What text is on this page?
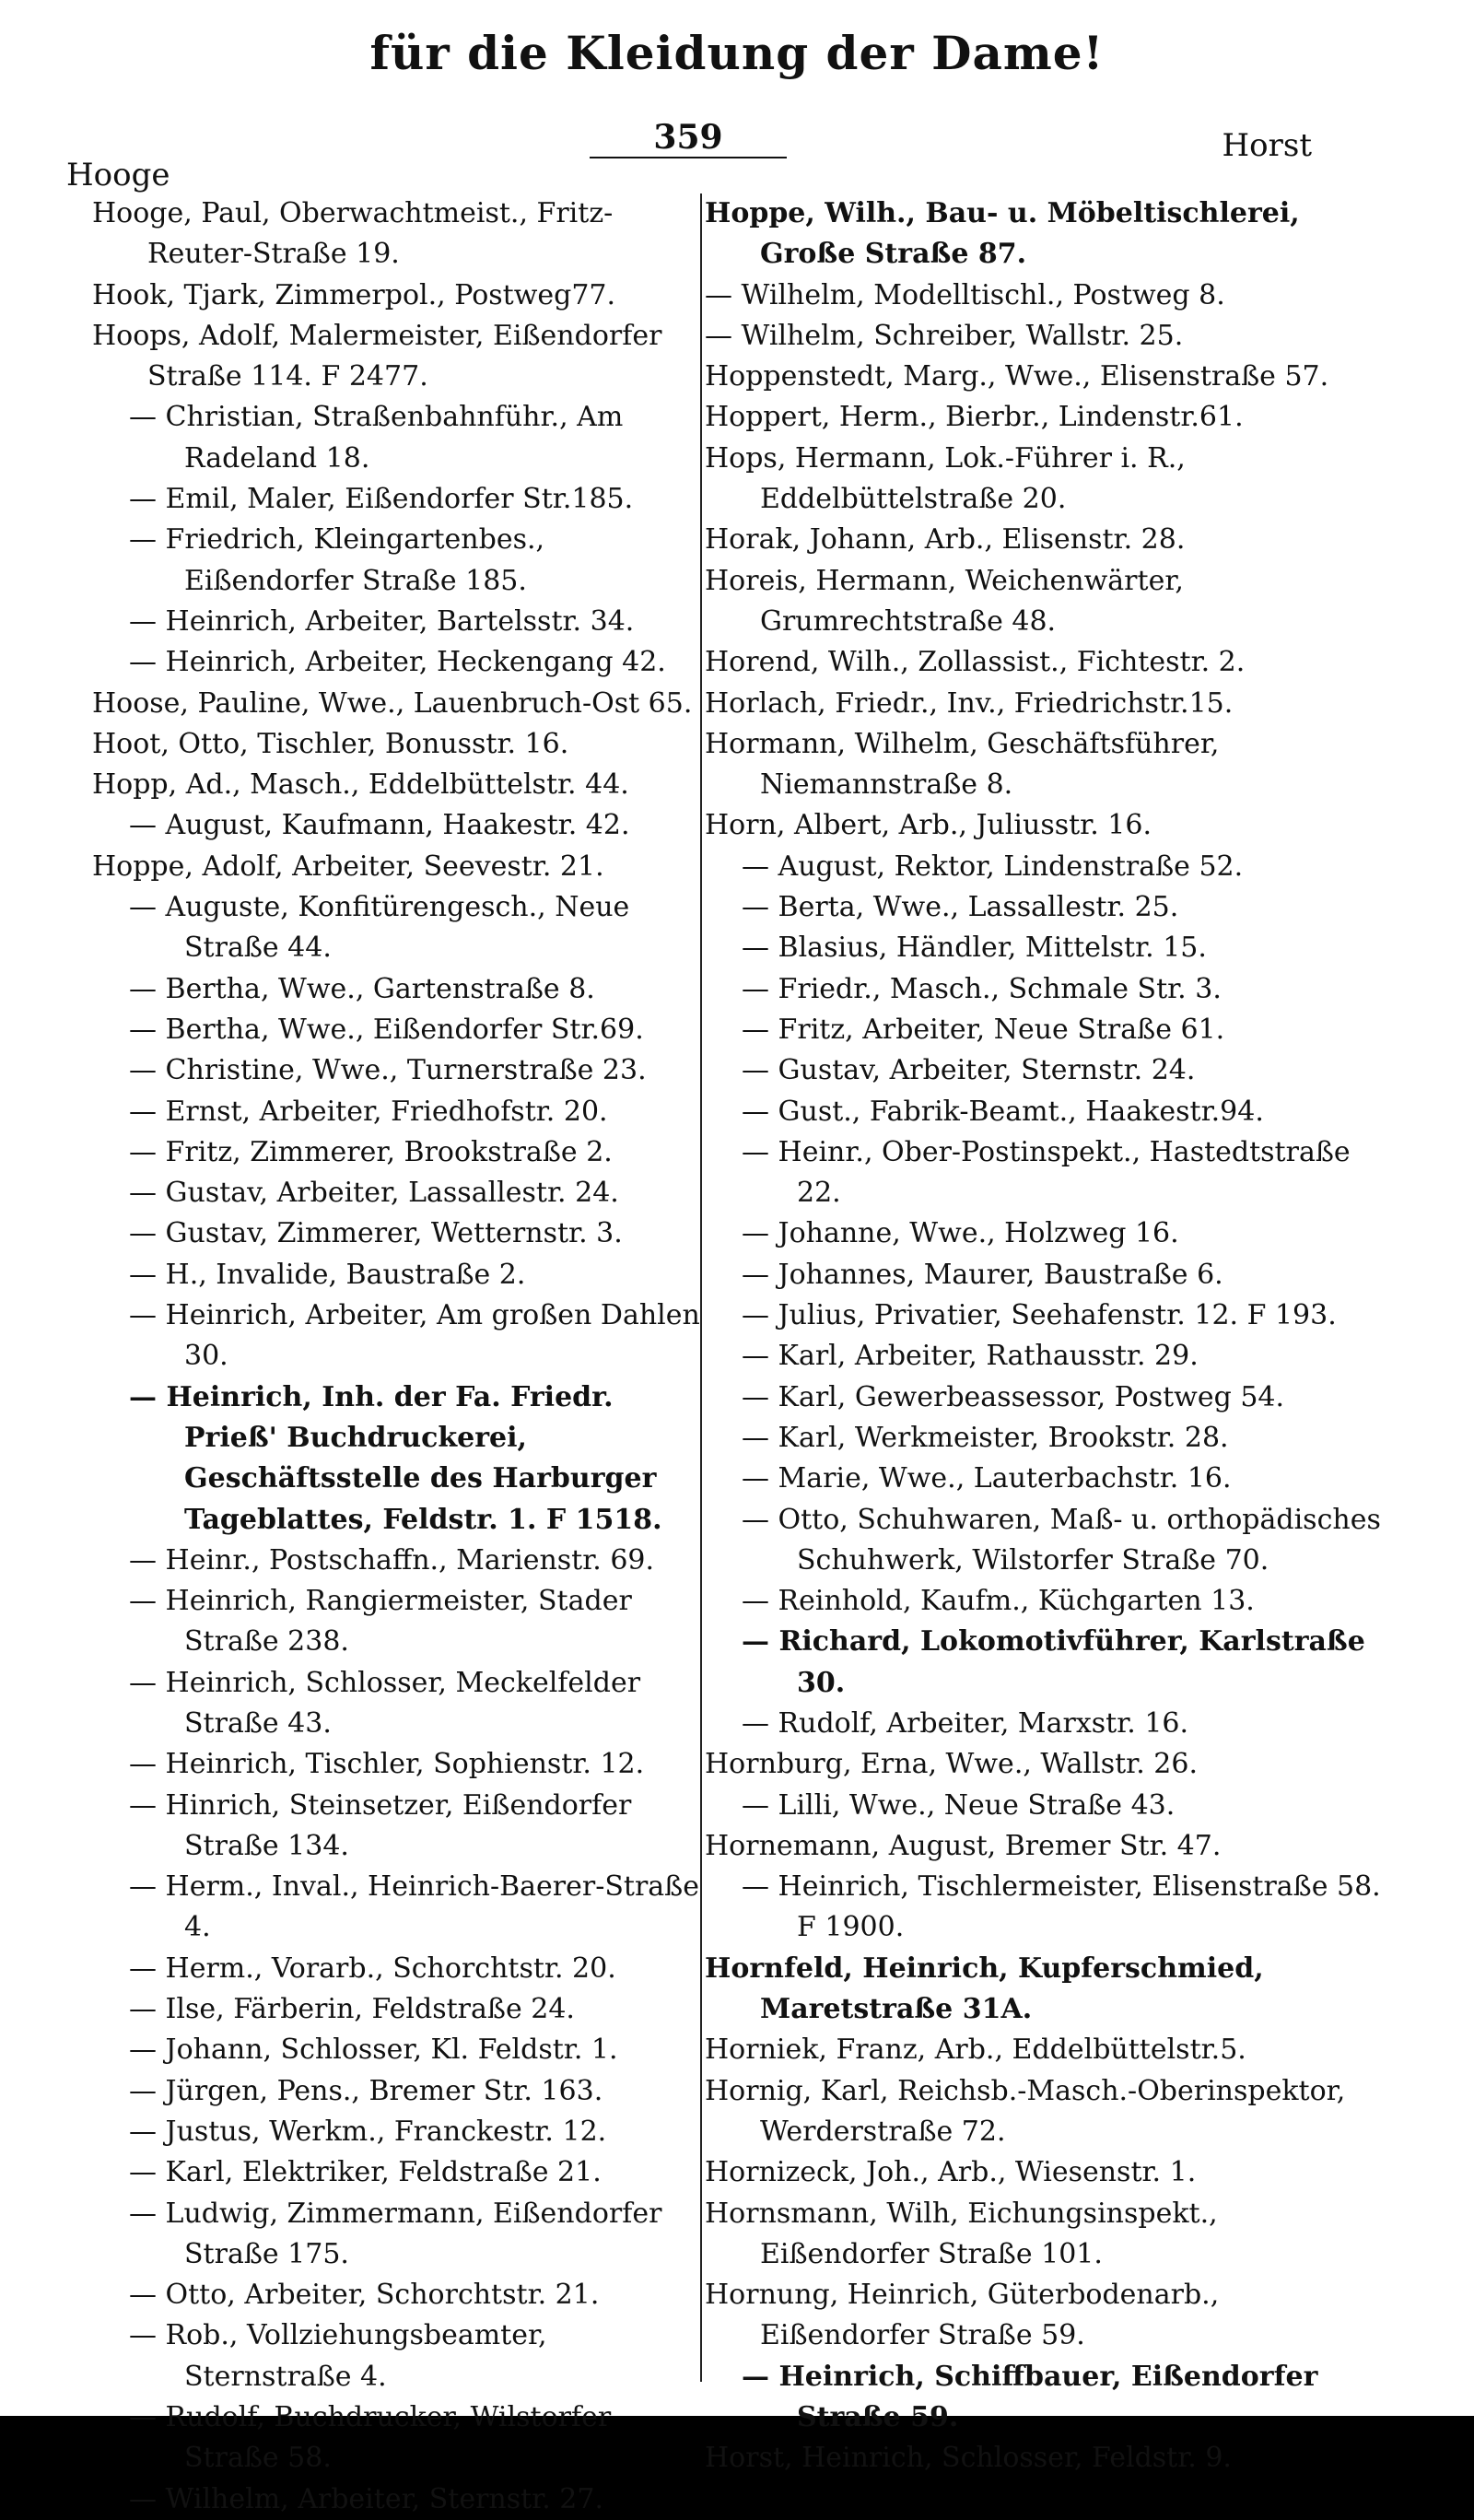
für die Kleidung der Dame!
Hooge
359	Horst

Hooge, Paul, Oberwachtmeist., Fritz-Reuter-Straße 19.

Hook, Tjark, Zimmerpol., Postweg77.

Hoops, Adolf, Malermeister, Eißendorfer Straße 114. F 2477.

— Christian, Straßenbahnführ., Am Radeland 18.

— Emil, Maler, Eißendorfer Str.185.

— Friedrich, Kleingartenbes., Eißendorfer Straße 185.

— Heinrich, Arbeiter, Bartelsstr. 34.

— Heinrich, Arbeiter, Heckengang 42.

Hoose, Pauline, Wwe., Lauenbruch-Ost 65.

Hoot, Otto, Tischler, Bonusstr. 16.

Hopp, Ad., Masch., Eddelbüttelstr. 44.

— August, Kaufmann, Haakestr. 42.

Hoppe, Adolf, Arbeiter, Seevestr. 21.

— Auguste, Konfitürengesch., Neue Straße 44.

— Bertha, Wwe., Gartenstraße 8.

— Bertha, Wwe., Eißendorfer Str.69.

— Christine, Wwe., Turnerstraße 23.

— Ernst, Arbeiter, Friedhofstr. 20.

— Fritz, Zimmerer, Brookstraße 2.

— Gustav, Arbeiter, Lassallestr. 24.

— Gustav, Zimmerer, Wetternstr. 3.

— H., Invalide, Baustraße 2.

— Heinrich, Arbeiter, Am großen Dahlen 30.

— Heinrich, Inh. der Fa. Friedr. Prieß' Buchdruckerei, Geschäftsstelle des Harburger Tageblattes, Feldstr. 1. F 1518.

— Heinr., Postschaffn., Marienstr. 69.

— Heinrich, Rangiermeister, Stader Straße 238.

— Heinrich, Schlosser, Meckelfelder Straße 43.

— Heinrich, Tischler, Sophienstr. 12.

— Hinrich, Steinsetzer, Eißendorfer Straße 134.

— Herm., Inval., Heinrich-Baerer-Straße 4.

— Herm., Vorarb., Schorchtstr. 20.

— Ilse, Färberin, Feldstraße 24.

— Johann, Schlosser, Kl. Feldstr. 1.

— Jürgen, Pens., Bremer Str. 163.

— Justus, Werkm., Franckestr. 12.

— Karl, Elektriker, Feldstraße 21.

— Ludwig, Zimmermann, Eißendorfer Straße 175.

— Otto, Arbeiter, Schorchtstr. 21.

— Rob., Vollziehungsbeamter, Sternstraße 4.

— Rudolf, Buchdrucker, Wilstorfer Straße 58.

— Wilhelm, Arbeiter, Sternstr. 27.

Hoppe, Wilh., Bau- u. Möbeltischlerei, Große Straße 87.

— Wilhelm, Modelltischl., Postweg 8.

— Wilhelm, Schreiber, Wallstr. 25.

Hoppenstedt, Marg., Wwe., Elisenstraße 57.

Hoppert, Herm., Bierbr., Lindenstr.61.

Hops, Hermann, Lok.-Führer i. R., Eddelbüttelstraße 20.

Horak, Johann, Arb., Elisenstr. 28.

Horeis, Hermann, Weichenwärter, Grumrechtstraße 48.

Horend, Wilh., Zollassist., Fichtestr. 2.

Horlach, Friedr., Inv., Friedrichstr.15.

Hormann, Wilhelm, Geschäftsführer, Niemannstraße 8.

Horn, Albert, Arb., Juliusstr. 16.

— August, Rektor, Lindenstraße 52.

— Berta, Wwe., Lassallestr. 25.

— Blasius, Händler, Mittelstr. 15.

— Friedr., Masch., Schmale Str. 3.

— Fritz, Arbeiter, Neue Straße 61.

— Gustav, Arbeiter, Sternstr. 24.

— Gust., Fabrik-Beamt., Haakestr.94.

— Heinr., Ober-Postinspekt., Hastedtstraße 22.

— Johanne, Wwe., Holzweg 16.

— Johannes, Maurer, Baustraße 6.

— Julius, Privatier, Seehafenstr. 12. F 193.

— Karl, Arbeiter, Rathausstr. 29.

— Karl, Gewerbeassessor, Postweg 54.

— Karl, Werkmeister, Brookstr. 28.

— Marie, Wwe., Lauterbachstr. 16.

— Otto, Schuhwaren, Maß- u. orthopädisches Schuhwerk, Wilstorfer Straße 70.

— Reinhold, Kaufm., Küchgarten 13.

— Richard, Lokomotivführer, Karlstraße 30.

— Rudolf, Arbeiter, Marxstr. 16.

Hornburg, Erna, Wwe., Wallstr. 26.

— Lilli, Wwe., Neue Straße 43.

Hornemann, August, Bremer Str. 47.

— Heinrich, Tischlermeister, Elisenstraße 58. F 1900.

Hornfeld, Heinrich, Kupferschmied, Maretstraße 31A.

Horniek, Franz, Arb., Eddelbüttelstr.5.

Hornig, Karl, Reichsb.-Masch.-Oberinspektor, Werderstraße 72.

Hornizeck, Joh., Arb., Wiesenstr. 1.

Hornsmann, Wilh, Eichungsinspekt., Eißendorfer Straße 101.

Hornung, Heinrich, Güterbodenarb., Eißendorfer Straße 59.

— Heinrich, Schiffbauer, Eißendorfer Straße 59.

Horst, Heinrich, Schlosser, Feldstr. 9.
